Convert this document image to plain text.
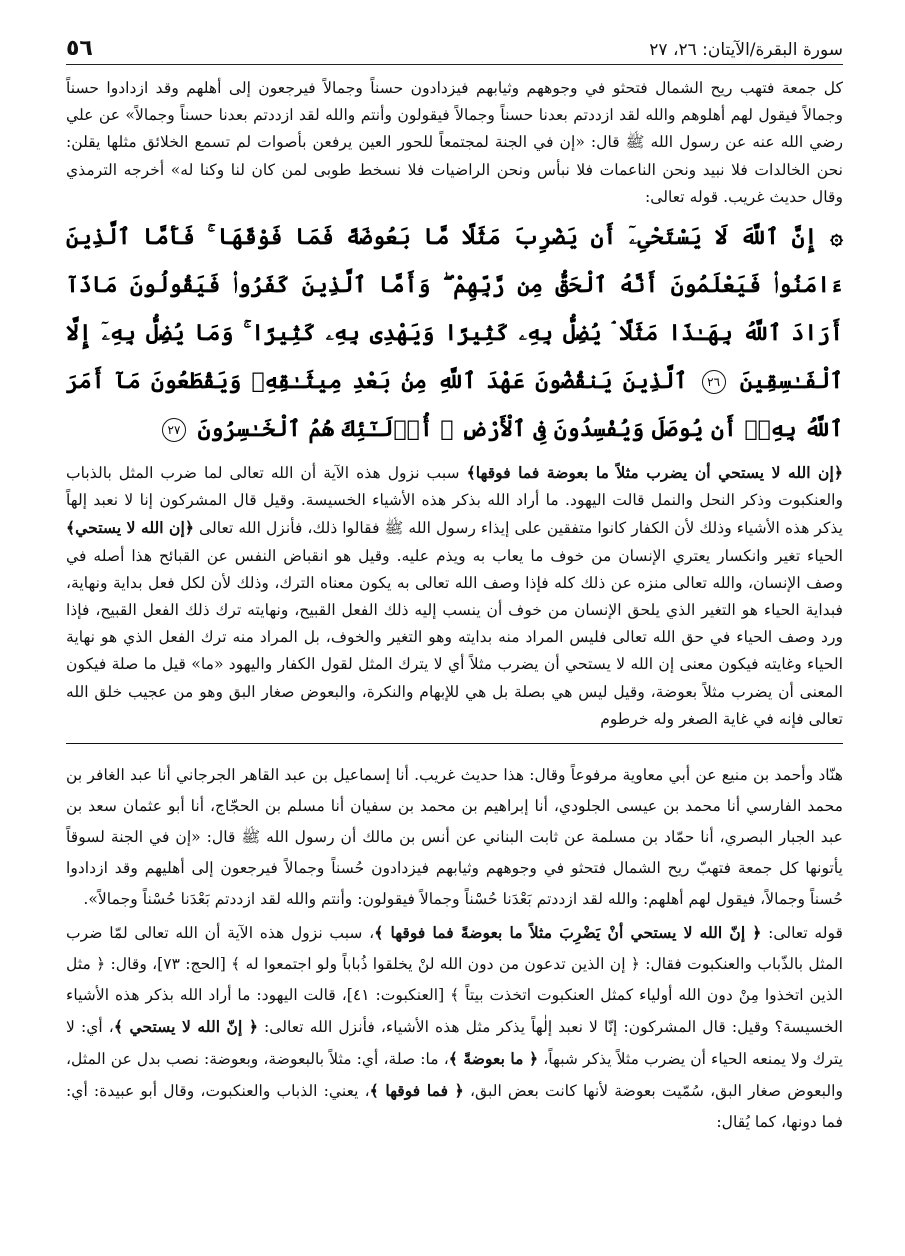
٥٦	سورة البقرة/الآيتان: ٢٦، ٢٧

كل جمعة فتهب ريح الشمال فتحثو في وجوههم وثيابهم فيزدادون حسناً وجمالاً فيرجعون إلى أهلهم وقد ازدادوا حسناً وجمالاً فيقول لهم أهلوهم والله لقد ازددتم بعدنا حسناً وجمالاً فيقولون وأنتم والله لقد ازددتم بعدنا حسناً وجمالاً» عن علي رضي الله عنه عن رسول الله ﷺ قال: «إن في الجنة لمجتمعاً للحور العين يرفعن بأصوات لم تسمع الخلائق مثلها يقلن: نحن الخالدات فلا نبيد ونحن الناعمات فلا نبأس ونحن الراضيات فلا نسخط طوبى لمن كان لنا وكنا له» أخرجه الترمذي وقال حديث غريب. قوله تعالى:

۞ إِنَّ ٱللَّهَ لَا يَسْتَحْىِۦٓ أَن يَضْرِبَ مَثَلًا مَّا بَعُوضَةً فَمَا فَوْقَهَا ۚ فَأَمَّا ٱلَّذِينَ ءَامَنُوا۟ فَيَعْلَمُونَ أَنَّهُ ٱلْحَقُّ مِن رَّبِّهِمْ ۖ وَأَمَّا ٱلَّذِينَ كَفَرُوا۟ فَيَقُولُونَ مَاذَآ أَرَادَ ٱللَّهُ بِهَـٰذَا مَثَلًا ۘ يُضِلُّ بِهِۦ كَثِيرًا وَيَهْدِى بِهِۦ كَثِيرًا ۚ وَمَا يُضِلُّ بِهِۦٓ إِلَّا ٱلْفَـٰسِقِينَ ٢٦ ٱلَّذِينَ يَنقُضُونَ عَهْدَ ٱللَّهِ مِنۢ بَعْدِ مِيثَـٰقِهِۦ وَيَقْطَعُونَ مَآ أَمَرَ ٱللَّهُ بِهِۦٓ أَن يُوصَلَ وَيُفْسِدُونَ فِى ٱلْأَرْضِ ۚ أُو۟لَـٰٓئِكَ هُمُ ٱلْخَـٰسِرُونَ ٢٧

﴿إن الله لا يستحي أن يضرب مثلاً ما بعوضة فما فوقها﴾ سبب نزول هذه الآية أن الله تعالى لما ضرب المثل بالذباب والعنكبوت وذكر النحل والنمل قالت اليهود. ما أراد الله بذكر هذه الأشياء الخسيسة. وقيل قال المشركون إنا لا نعبد إلهاً يذكر هذه الأشياء وذلك لأن الكفار كانوا متفقين على إيذاء رسول الله ﷺ فقالوا ذلك، فأنزل الله تعالى ﴿إن الله لا يستحي﴾ الحياء تغير وانكسار يعتري الإنسان من خوف ما يعاب به ويذم عليه. وقيل هو انقباض النفس عن القبائح هذا أصله في وصف الإنسان، والله تعالى منزه عن ذلك كله فإذا وصف الله تعالى به يكون معناه الترك، وذلك لأن لكل فعل بداية ونهاية، فبداية الحياء هو التغير الذي يلحق الإنسان من خوف أن ينسب إليه ذلك الفعل القبيح، ونهايته ترك ذلك الفعل القبيح، فإذا ورد وصف الحياء في حق الله تعالى فليس المراد منه بدايته وهو التغير والخوف، بل المراد منه ترك الفعل الذي هو نهاية الحياء وغايته فيكون معنى إن الله لا يستحي أن يضرب مثلاً أي لا يترك المثل لقول الكفار واليهود «ما» قيل ما صلة فيكون المعنى أن يضرب مثلاً بعوضة، وقيل ليس هي بصلة بل هي للإبهام والنكرة، والبعوض صغار البق وهو من عجيب خلق الله تعالى فإنه في غاية الصغر وله خرطوم

هنّاد وأحمد بن منيع عن أبي معاوية مرفوعاً وقال: هذا حديث غريب. أنا إسماعيل بن عبد القاهر الجرجاني أنا عبد الغافر بن محمد الفارسي أنا محمد بن عيسى الجلودي، أنا إبراهيم بن محمد بن سفيان أنا مسلم بن الحجّاج، أنا أبو عثمان سعد بن عبد الجبار البصري، أنا حمّاد بن مسلمة عن ثابت البناني عن أنس بن مالك أن رسول الله ﷺ قال: «إن في الجنة لسوقاً يأتونها كل جمعة فتهبّ ريح الشمال فتحثو في وجوههم وثيابهم فيزدادون حُسناً وجمالاً فيرجعون إلى أهليهم وقد ازدادوا حُسناً وجمالاً، فيقول لهم أهلهم: والله لقد ازددتم بَعْدَنا حُسْناً وجمالاً فيقولون: وأنتم والله لقد ازددتم بَعْدَنا حُسْناً وجمالاً».

قوله تعالى: ﴿ إنّ الله لا يستحي أنْ يَضْرِبَ مثلاً ما بعوضةً فما فوقها ﴾، سبب نزول هذه الآية أن الله تعالى لمّا ضرب المثل بالذّباب والعنكبوت فقال: ﴿ إن الذين تدعون من دون الله لنْ يخلقوا ذُباباً ولو اجتمعوا له ﴾ [الحج: ٧٣]، وقال: ﴿ مثل الذين اتخذوا مِنْ دون الله أولياء كمثل العنكبوت اتخذت بيتاً ﴾ [العنكبوت: ٤١]، قالت اليهود: ما أراد الله بذكر هذه الأشياء الخسيسة؟ وقيل: قال المشركون: إنّا لا نعبد إلٰهاً يذكر مثل هذه الأشياء، فأنزل الله تعالى: ﴿ إنّ الله لا يستحي ﴾، أي: لا يترك ولا يمنعه الحياء أن يضرب مثلاً يذكر شبهاً، ﴿ ما بعوضةً ﴾، ما: صلة، أي: مثلاً بالبعوضة، وبعوضة: نصب بدل عن المثل، والبعوض صغار البق، سُمّيت بعوضة لأنها كانت بعض البق، ﴿ فما فوقها ﴾، يعني: الذباب والعنكبوت، وقال أبو عبيدة: أي: فما دونها، كما يُقال:
